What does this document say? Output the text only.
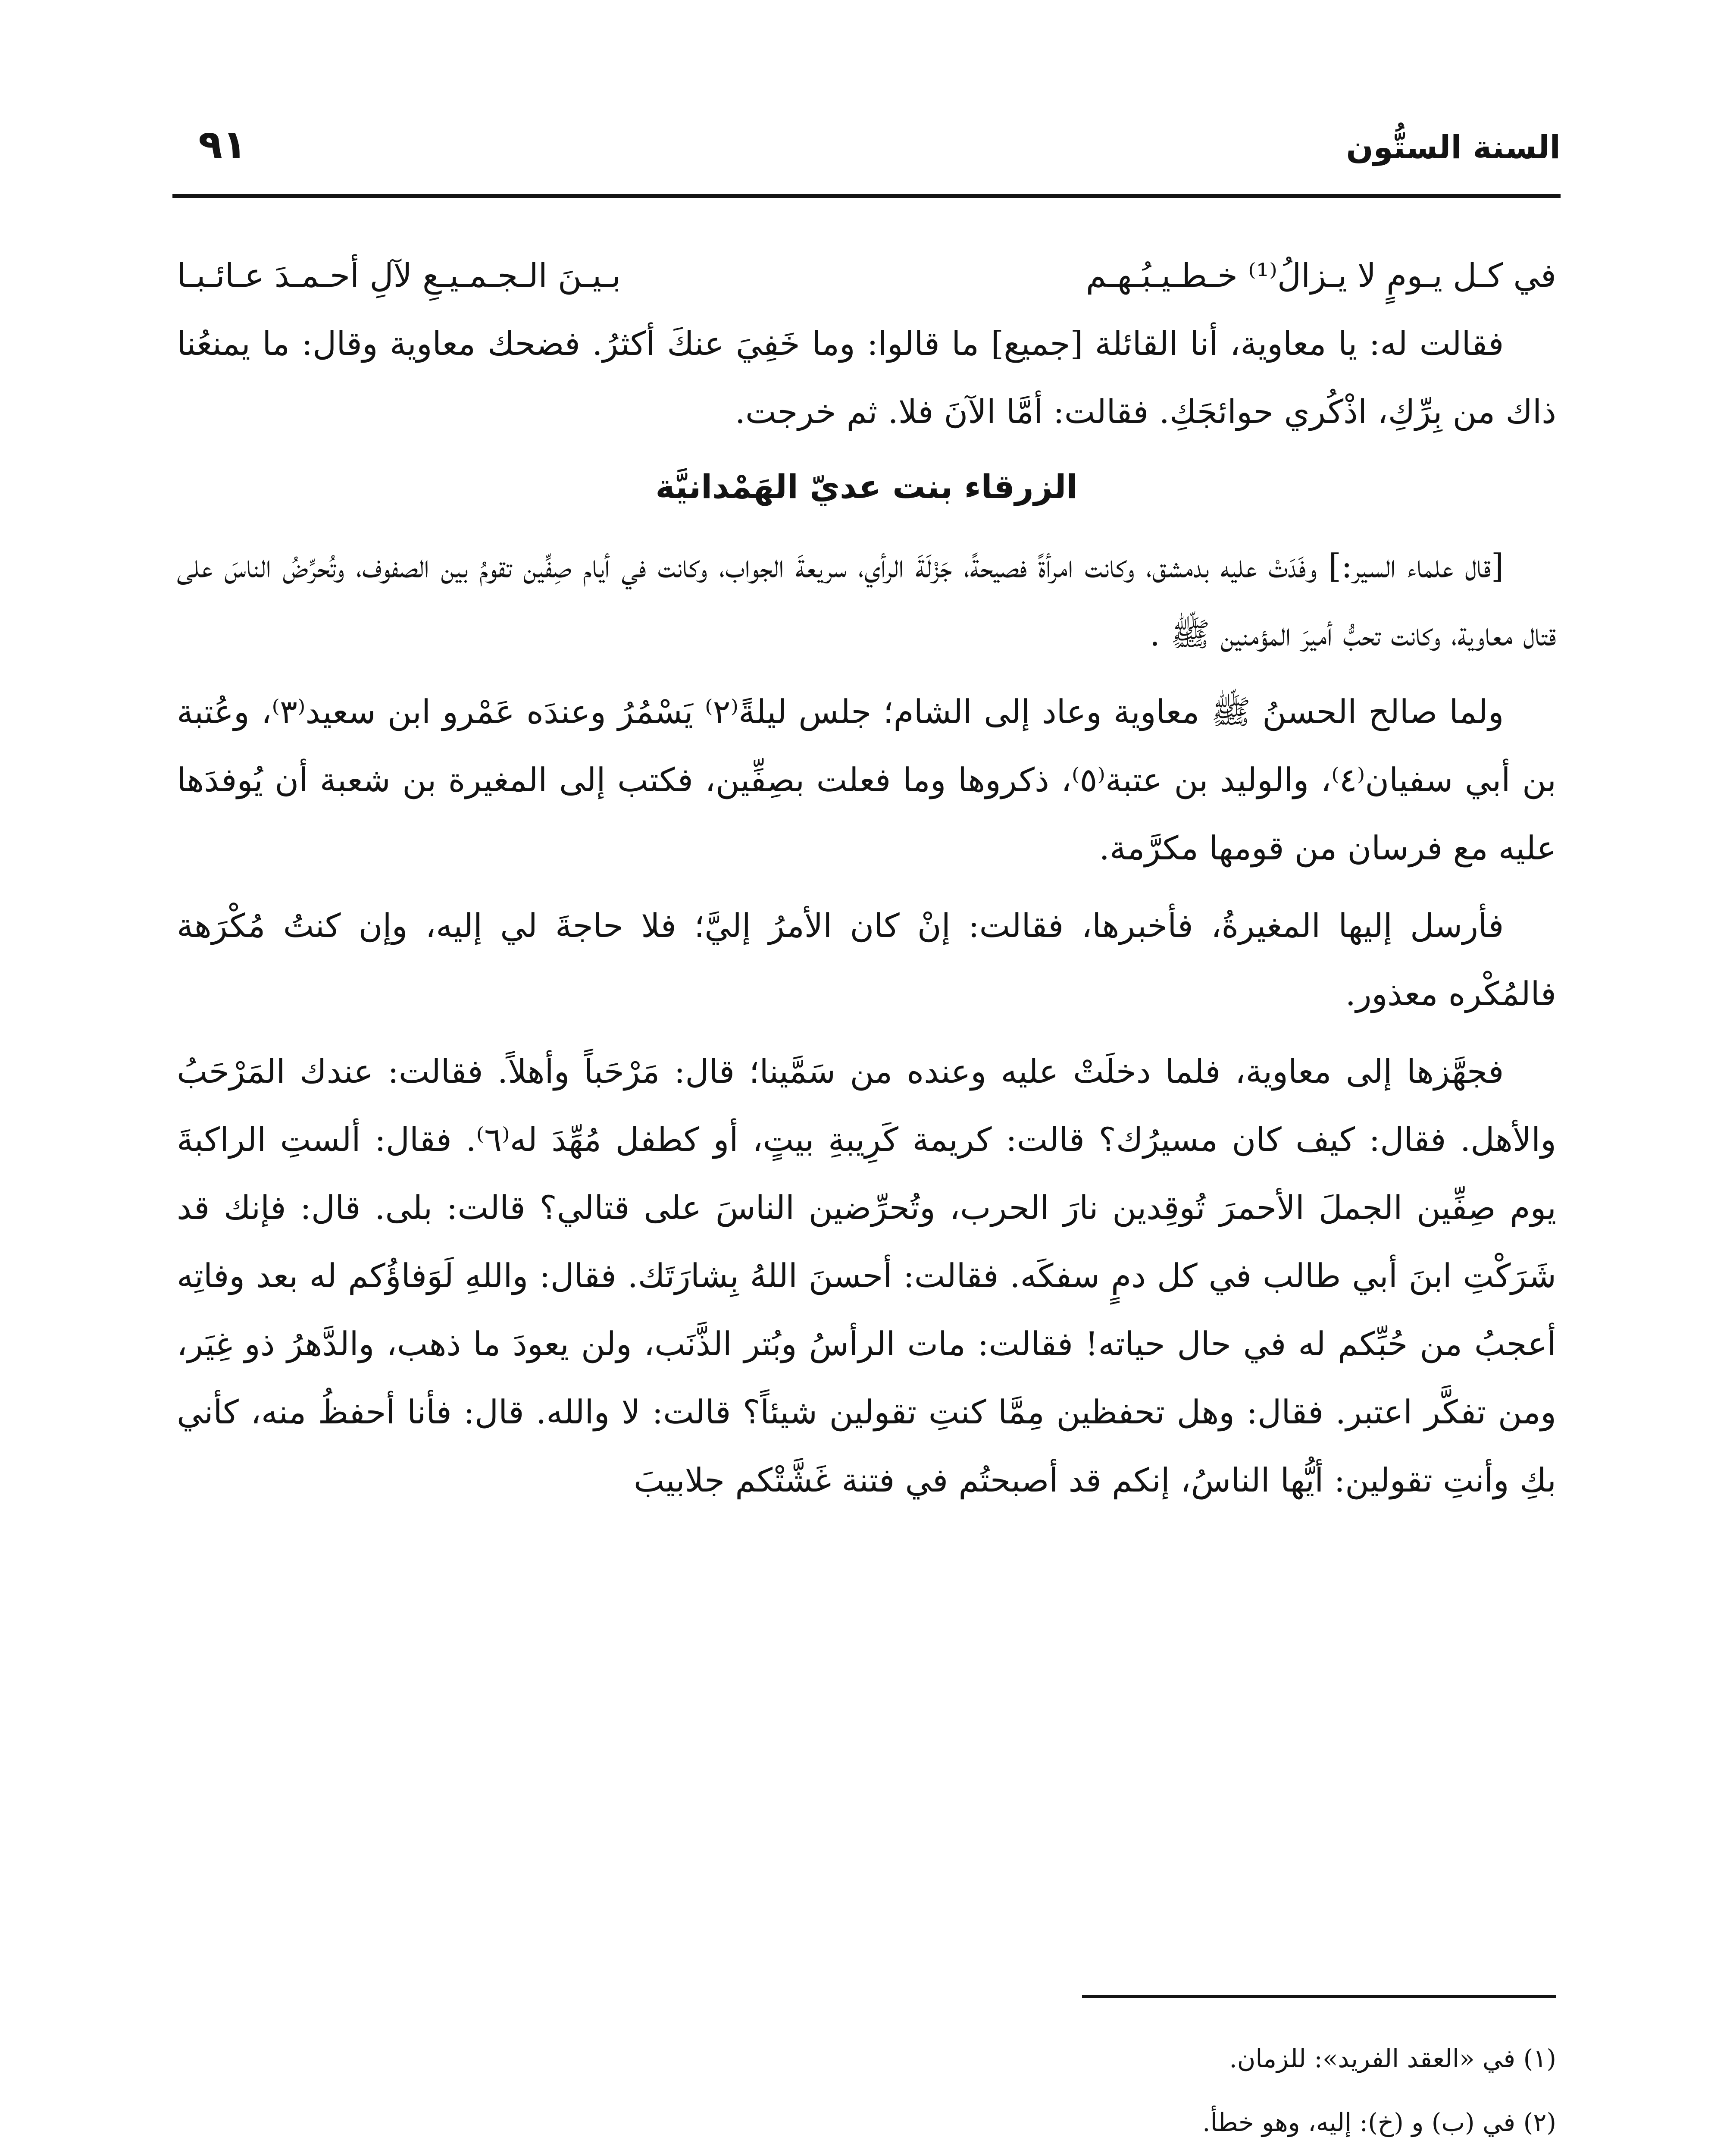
السنة الستُّون
٩١
في كـل يـومٍ لا يـزالُ⁽¹⁾ خـطـيـبُـهـم
بـيـنَ الـجـمـيـعِ لآلِ أحـمـدَ عـائـبـا

فقالت له: يا معاوية، أنا القائلة [جميع] ما قالوا: وما خَفِيَ عنكَ أكثرُ. فضحك معاوية وقال: ما يمنعُنا ذاك من بِرِّكِ، اذْكُري حوائجَكِ. فقالت: أمَّا الآنَ فلا. ثم خرجت.

الزرقاء بنت عديّ الهَمْدانيَّة

[قال علماء السير:] وفَدَتْ عليه بدمشق، وكانت امرأةً فصيحةً، جَزْلَةَ الرأي، سريعةَ الجواب، وكانت في أيام صِفِّين تقومُ بين الصفوف، وتُحرِّضُ الناسَ على قتال معاوية، وكانت تحبُّ أميرَ المؤمنين ﷺ .

ولما صالح الحسنُ ﷺ معاوية وعاد إلى الشام؛ جلس ليلةً⁽٢⁾ يَسْمُرُ وعندَه عَمْرو ابن سعيد⁽٣⁾، وعُتبة بن أبي سفيان⁽٤⁾، والوليد بن عتبة⁽٥⁾، ذكروها وما فعلت بصِفِّين، فكتب إلى المغيرة بن شعبة أن يُوفدَها عليه مع فرسان من قومها مكرَّمة.

فأرسل إليها المغيرةُ، فأخبرها، فقالت: إنْ كان الأمرُ إليَّ؛ فلا حاجةَ لي إليه، وإن كنتُ مُكْرَهة فالمُكْره معذور.

فجهَّزها إلى معاوية، فلما دخلَتْ عليه وعنده من سَمَّينا؛ قال: مَرْحَباً وأهلاً. فقالت: عندك المَرْحَبُ والأهل. فقال: كيف كان مسيرُك؟ قالت: كريمة كَرِيبةِ بيتٍ، أو كطفل مُهِّدَ له⁽٦⁾. فقال: ألستِ الراكبةَ يوم صِفِّين الجملَ الأحمرَ تُوقِدين نارَ الحرب، وتُحرِّضين الناسَ على قتالي؟ قالت: بلى. قال: فإنك قد شَرَكْتِ ابنَ أبي طالب في كل دمٍ سفكَه. فقالت: أحسنَ اللهُ بِشارَتَك. فقال: واللهِ لَوَفاؤُكم له بعد وفاتِه أعجبُ من حُبِّكم له في حال حياته! فقالت: مات الرأسُ وبُتر الذَّنَب، ولن يعودَ ما ذهب، والدَّهرُ ذو غِيَر، ومن تفكَّر اعتبر. فقال: وهل تحفظين مِمَّا كنتِ تقولين شيئاً؟ قالت: لا والله. قال: فأنا أحفظُ منه، كأني بكِ وأنتِ تقولين: أيُّها الناسُ، إنكم قد أصبحتُم في فتنة غَشَّتْكم جلابيبَ

(١) في «العقد الفريد»: للزمان.

(٢) في (ب) و (خ): إليه، وهو خطأ.
